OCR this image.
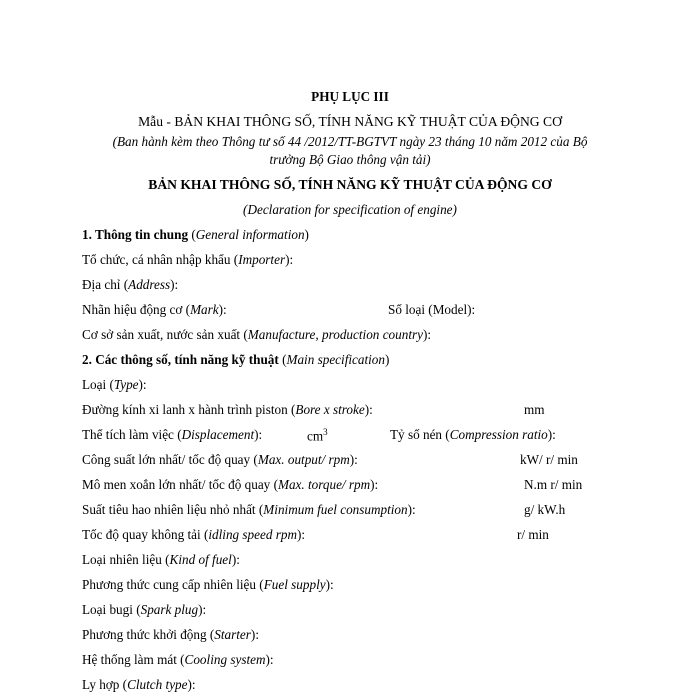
PHỤ LỤC III
Mẫu - BẢN KHAI THÔNG SỐ, TÍNH NĂNG KỸ THUẬT CỦA ĐỘNG CƠ
(Ban hành kèm theo Thông tư số 44 /2012/TT-BGTVT ngày 23 tháng 10 năm 2012 của Bộ
trưởng Bộ Giao thông vận tải)
BẢN KHAI THÔNG SỐ, TÍNH NĂNG KỸ THUẬT CỦA ĐỘNG CƠ
(Declaration for specification of engine)
1. Thông tin chung (General information)
Tổ chức, cá nhân nhập khẩu (Importer):
Địa chỉ (Address):
Nhãn hiệu động cơ (Mark):	Số loại (Model):
Cơ sở sản xuất, nước sản xuất (Manufacture, production country):
2. Các thông số, tính năng kỹ thuật (Main specification)
Loại (Type):
Đường kính xi lanh x hành trình piston (Bore x stroke):	mm
Thể tích làm việc (Displacement):	$cm^3$	Tỷ số nén (Compression ratio):
Công suất lớn nhất/ tốc độ quay (Max. output/ rpm):	kW/ r/ min
Mô men xoắn lớn nhất/ tốc độ quay (Max. torque/ rpm):	N.m r/ min
Suất tiêu hao nhiên liệu nhỏ nhất (Minimum fuel consumption):	g/ kW.h
Tốc độ quay không tải (idling speed rpm):	r/ min
Loại nhiên liệu (Kind of fuel):
Phương thức cung cấp nhiên liệu (Fuel supply):
Loại bugi (Spark plug):
Phương thức khởi động (Starter):
Hệ thống làm mát (Cooling system):
Ly hợp (Clutch type):
